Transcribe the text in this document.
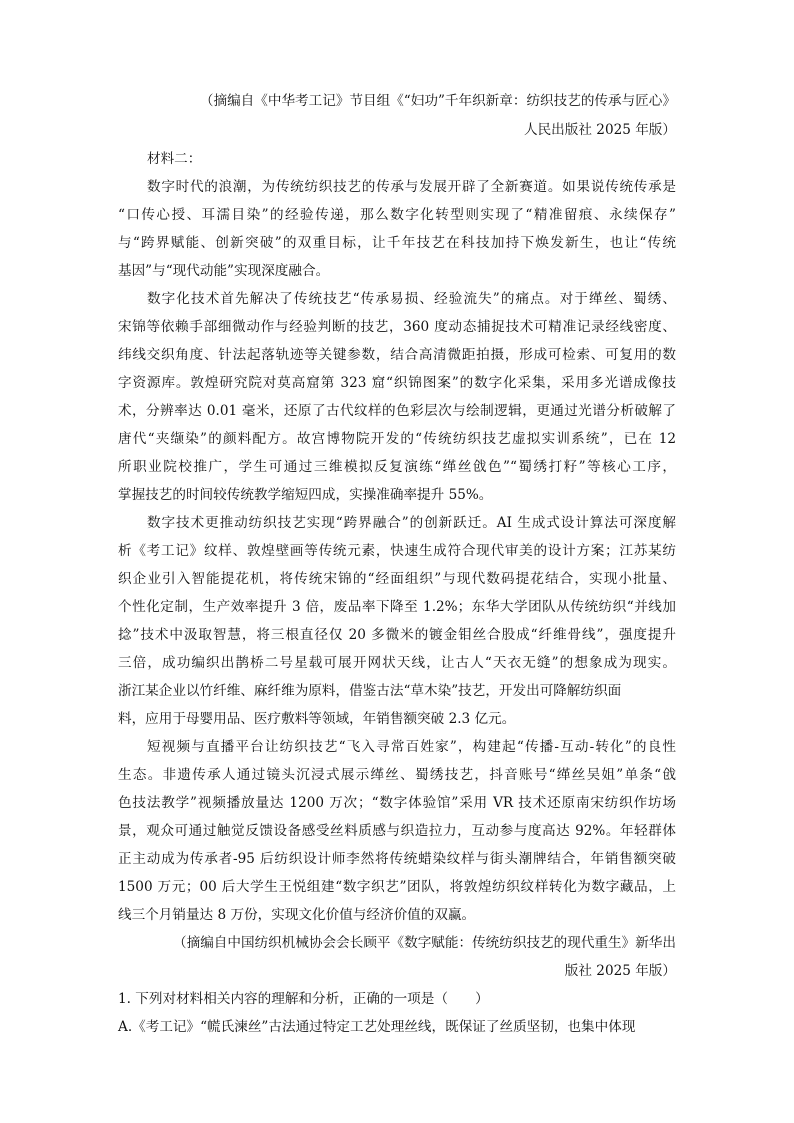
（摘编自《中华考工记》节目组《“妇功”千年织新章：纺织技艺的传承与匠心》
人民出版社 2025 年版）
材料二：
数字时代的浪潮，为传统纺织技艺的传承与发展开辟了全新赛道。如果说传统传承是
“口传心授、耳濡目染”的经验传递，那么数字化转型则实现了“精准留痕、永续保存”
与“跨界赋能、创新突破”的双重目标，让千年技艺在科技加持下焕发新生，也让“传统
基因”与“现代动能”实现深度融合。
数字化技术首先解决了传统技艺“传承易损、经验流失”的痛点。对于缂丝、蜀绣、
宋锦等依赖手部细微动作与经验判断的技艺，360 度动态捕捉技术可精准记录经线密度、
纬线交织角度、针法起落轨迹等关键参数，结合高清微距拍摄，形成可检索、可复用的数
字资源库。敦煌研究院对莫高窟第 323 窟“织锦图案”的数字化采集，采用多光谱成像技
术，分辨率达 0.01 毫米，还原了古代纹样的色彩层次与绘制逻辑，更通过光谱分析破解了
唐代“夹缬染”的颜料配方。故宫博物院开发的“传统纺织技艺虚拟实训系统”，已在 12
所职业院校推广，学生可通过三维模拟反复演练“缂丝戗色”“蜀绣打籽”等核心工序，
掌握技艺的时间较传统教学缩短四成，实操准确率提升 55%。
数字技术更推动纺织技艺实现“跨界融合”的创新跃迁。AI 生成式设计算法可深度解
析《考工记》纹样、敦煌壁画等传统元素，快速生成符合现代审美的设计方案；江苏某纺
织企业引入智能提花机，将传统宋锦的“经面组织”与现代数码提花结合，实现小批量、
个性化定制，生产效率提升 3 倍，废品率下降至 1.2%；东华大学团队从传统纺织“并线加
捻”技术中汲取智慧，将三根直径仅 20 多微米的镀金钼丝合股成“纤维骨线”，强度提升
三倍，成功编织出鹊桥二号星载可展开网状天线，让古人“天衣无缝”的想象成为现实。
浙江某企业以竹纤维、麻纤维为原料，借鉴古法“草木染”技艺，开发出可降解纺织面
料，应用于母婴用品、医疗敷料等领域，年销售额突破 2.3 亿元。
短视频与直播平台让纺织技艺“飞入寻常百姓家”，构建起“传播-互动-转化”的良性
生态。非遗传承人通过镜头沉浸式展示缂丝、蜀绣技艺，抖音账号“缂丝吴姐”单条“戗
色技法教学”视频播放量达 1200 万次；“数字体验馆”采用 VR 技术还原南宋纺织作坊场
景，观众可通过触觉反馈设备感受丝料质感与织造拉力，互动参与度高达 92%。年轻群体
正主动成为传承者-95 后纺织设计师李然将传统蜡染纹样与街头潮牌结合，年销售额突破
1500 万元；00 后大学生王悦组建“数字织艺”团队，将敦煌纺织纹样转化为数字藏品，上
线三个月销量达 8 万份，实现文化价值与经济价值的双赢。
（摘编自中国纺织机械协会会长顾平《数字赋能：传统纺织技艺的现代重生》新华出
版社 2025 年版）
1. 下列对材料相关内容的理解和分析，正确的一项是（　　）
A.《考工记》“㡛氏湅丝”古法通过特定工艺处理丝线，既保证了丝质坚韧，也集中体现
